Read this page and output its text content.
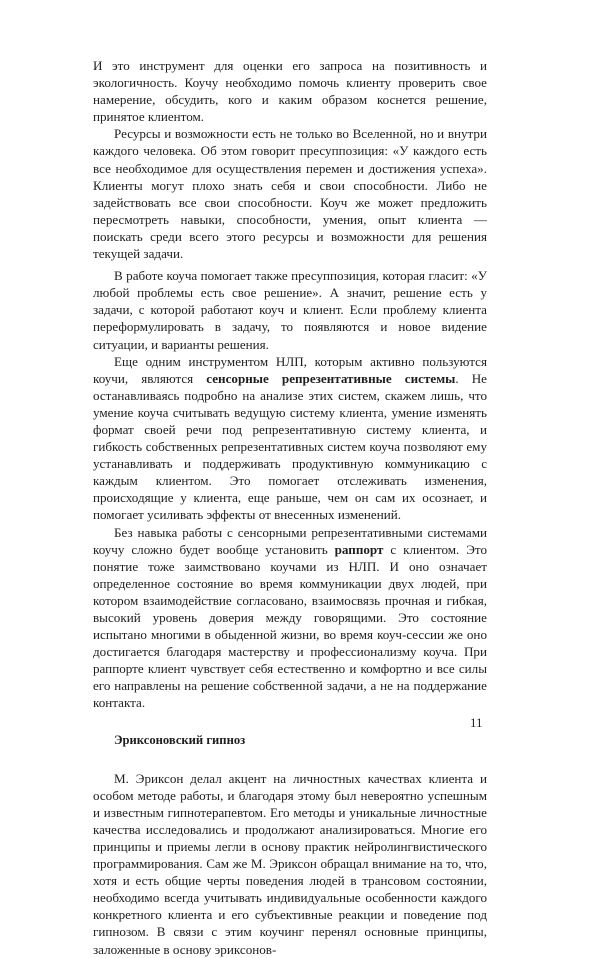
И это инструмент для оценки его запроса на позитивность и экологичность. Коучу необходимо помочь клиенту проверить свое намерение, обсудить, кого и каким образом коснется решение, принятое клиентом.

Ресурсы и возможности есть не только во Вселенной, но и внутри каждого человека. Об этом говорит пресуппозиция: «У каждого есть все необходимое для осуществления перемен и достижения успеха». Клиенты могут плохо знать себя и свои способности. Либо не задействовать все свои способности. Коуч же может предложить пересмотреть навыки, способности, умения, опыт клиента — поискать среди всего этого ресурсы и возможности для решения текущей задачи.

В работе коуча помогает также пресуппозиция, которая гласит: «У любой проблемы есть свое решение». А значит, решение есть у задачи, с которой работают коуч и клиент. Если проблему клиента переформулировать в задачу, то появляются и новое видение ситуации, и варианты решения.

Еще одним инструментом НЛП, которым активно пользуются коучи, являются сенсорные репрезентативные системы. Не останавливаясь подробно на анализе этих систем, скажем лишь, что умение коуча считывать ведущую систему клиента, умение изменять формат своей речи под репрезентативную систему клиента, и гибкость собственных репрезентативных систем коуча позволяют ему устанавливать и поддерживать продуктивную коммуникацию с каждым клиентом. Это помогает отслеживать изменения, происходящие у клиента, еще раньше, чем он сам их осознает, и помогает усиливать эффекты от внесенных изменений.

Без навыка работы с сенсорными репрезентативными системами коучу сложно будет вообще установить раппорт с клиентом. Это понятие тоже заимствовано коучами из НЛП. И оно означает определенное состояние во время коммуникации двух людей, при котором взаимодействие согласовано, взаимосвязь прочная и гибкая, высокий уровень доверия между говорящими. Это состояние испытано многими в обыденной жизни, во время коуч-сессии же оно достигается благодаря мастерству и профессионализму коуча. При раппорте клиент чувствует себя естественно и комфортно и все силы его направлены на решение собственной задачи, а не на поддержание контакта.

Эриксоновский гипноз

М. Эриксон делал акцент на личностных качествах клиента и особом методе работы, и благодаря этому был невероятно успешным и известным гипнотерапевтом. Его методы и уникальные личностные качества исследовались и продолжают анализироваться. Многие его принципы и приемы легли в основу практик нейролингвистического программирования. Сам же М. Эриксон обращал внимание на то, что, хотя и есть общие черты поведения людей в трансовом состоянии, необходимо всегда учитывать индивидуальные особенности каждого конкретного клиента и его субъективные реакции и поведение под гипнозом. В связи с этим коучинг перенял основные принципы, заложенные в основу эриксонов-

11
